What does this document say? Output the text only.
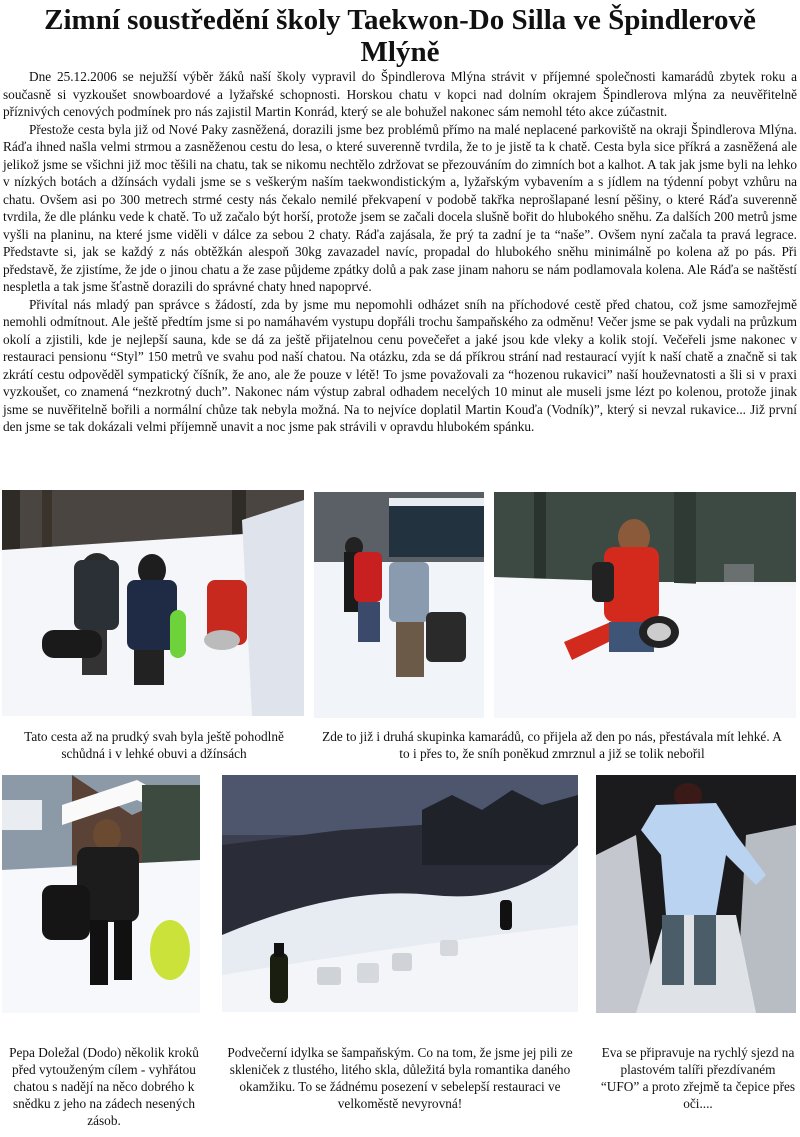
Zimní soustředění školy Taekwon-Do Silla ve Špindlerově Mlýně

Dne 25.12.2006 se nejužší výběr žáků naší školy vypravil do Špindlerova Mlýna strávit v příjemné společnosti kamarádů zbytek roku a současně si vyzkoušet snowboardové a lyžařské schopnosti. Horskou chatu v kopci nad dolním okrajem Špindlerova mlýna za neuvěřitelně příznivých cenových podmínek pro nás zajistil Martin Konrád, který se ale bohužel nakonec sám nemohl této akce zúčastnit.

Přestože cesta byla již od Nové Paky zasněžená, dorazili jsme bez problémů přímo na malé neplacené parkoviště na okraji Špindlerova Mlýna. Ráďa ihned našla velmi strmou a zasněženou cestu do lesa, o které suverenně tvrdila, že to je jistě ta k chatě. Cesta byla sice příkrá a zasněžená ale jelikož jsme se všichni již moc těšili na chatu, tak se nikomu nechtělo zdržovat se přezouváním do zimních bot a kalhot. A tak jak jsme byli na lehko v nízkých botách a džínsách vydali jsme se s veškerým naším taekwondistickým a, lyžařským vybavením a s jídlem na týdenní pobyt vzhůru na chatu. Ovšem asi po 300 metrech strmé cesty nás čekalo nemilé překvapení v podobě takřka neprošlapané lesní pěšiny, o které Ráďa suverenně tvrdila, že dle plánku vede k chatě. To už začalo být horší, protože jsem se začali docela slušně bořit do hlubokého sněhu. Za dalších 200 metrů jsme vyšli na planinu, na které jsme viděli v dálce za sebou 2 chaty. Ráďa zajásala, že prý ta zadní je ta “naše”. Ovšem nyní začala ta pravá legrace. Představte si, jak se každý z nás obtěžkán alespoň 30kg zavazadel navíc, propadal do hlubokého sněhu minimálně po kolena až po pás. Při představě, že zjistíme, že jde o jinou chatu a že zase půjdeme zpátky dolů a pak zase jinam nahoru se nám podlamovala kolena. Ale Ráďa se naštěstí nespletla a tak jsme šťastně dorazili do správné chaty hned napoprvé.

Přivítal nás mladý pan správce s žádostí, zda by jsme mu nepomohli odházet sníh na příchodové cestě před chatou, což jsme samozřejmě nemohli odmítnout. Ale ještě předtím jsme si po namáhavém vystupu dopřáli trochu šampaňského za odměnu! Večer jsme se pak vydali na průzkum okolí a zjistili, kde je nejlepší sauna, kde se dá za ještě přijatelnou cenu povečeřet a jaké jsou kde vleky a kolik stojí. Večeřeli jsme nakonec v restauraci pensionu “Styl” 150 metrů ve svahu pod naší chatou. Na otázku, zda se dá příkrou strání nad restaurací vyjít k naší chatě a značně si tak zkrátí cestu odpověděl sympatický číšník, že ano, ale že pouze v létě! To jsme považovali za “hozenou rukavici” naší houževnatosti a šli si v praxi vyzkoušet, co znamená “nezkrotný duch”. Nakonec nám výstup zabral odhadem necelých 10 minut ale museli jsme lézt po kolenou, protože jinak jsme se nuvěřitelně bořili a normální chůze tak nebyla možná. Na to nejvíce doplatil Martin Kouďa (Vodník)”, který si nevzal rukavice... Již první den jsme se tak dokázali velmi příjemně unavit a noc jsme pak strávili v opravdu hlubokém spánku.

Tato cesta až na prudký svah byla ještě pohodlně schůdná i v lehké obuvi a džínsách
Zde to již i druhá skupinka kamarádů, co přijela až den po nás, přestávala mít lehké. A to i přes to, že sníh poněkud zmrznul a již se tolik nebořil
Pepa Doležal (Dodo) několik kroků před vytouženým cílem - vyhřátou chatou s nadějí na něco dobrého k snědku z jeho na zádech nesených zásob.
Podvečerní idylka se šampaňským. Co na tom, že jsme jej pili ze skleniček z tlustého, litého skla, důležitá byla romantika daného okamžiku. To se žádnému posezení v sebelepší restauraci ve velkoměstě nevyrovná!
Eva se připravuje na rychlý sjezd na plastovém talíři přezdívaném “UFO” a proto zřejmě ta čepice přes oči....
